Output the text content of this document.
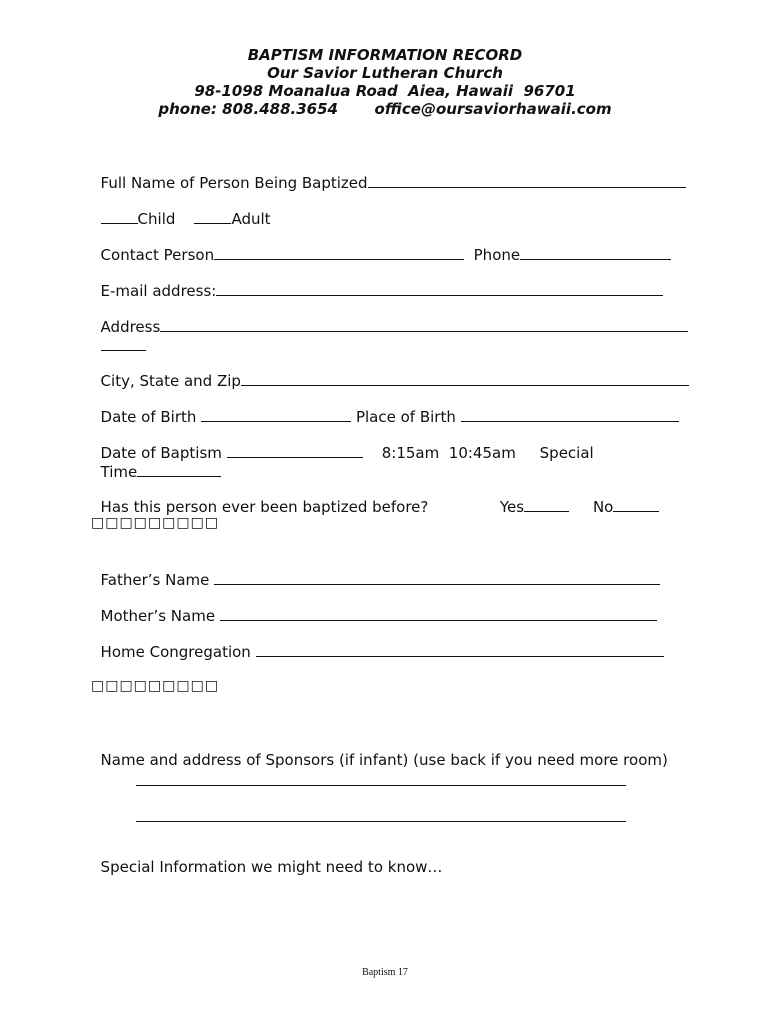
BAPTISM INFORMATION RECORD
Our Savior Lutheran Church
98-1098 Moanalua Road  Aiea, Hawaii  96701
phone: 808.488.3654 office@oursaviorhawaii.com

Full Name of Person Being Baptized

Child	Adult

Contact Person	Phone

E-mail address:

Address

City, State and Zip

Date of Birth	Place of Birth

Date of Baptism	8:15am 10:45am Special

Time

Has this person ever been baptized before?	Yes	No

□□□□□□□□□

Father’s Name

Mother’s Name

Home Congregation

□□□□□□□□□

Name and address of Sponsors (if infant) (use back if you need more room)

Special Information we might need to know…

Baptism 17
